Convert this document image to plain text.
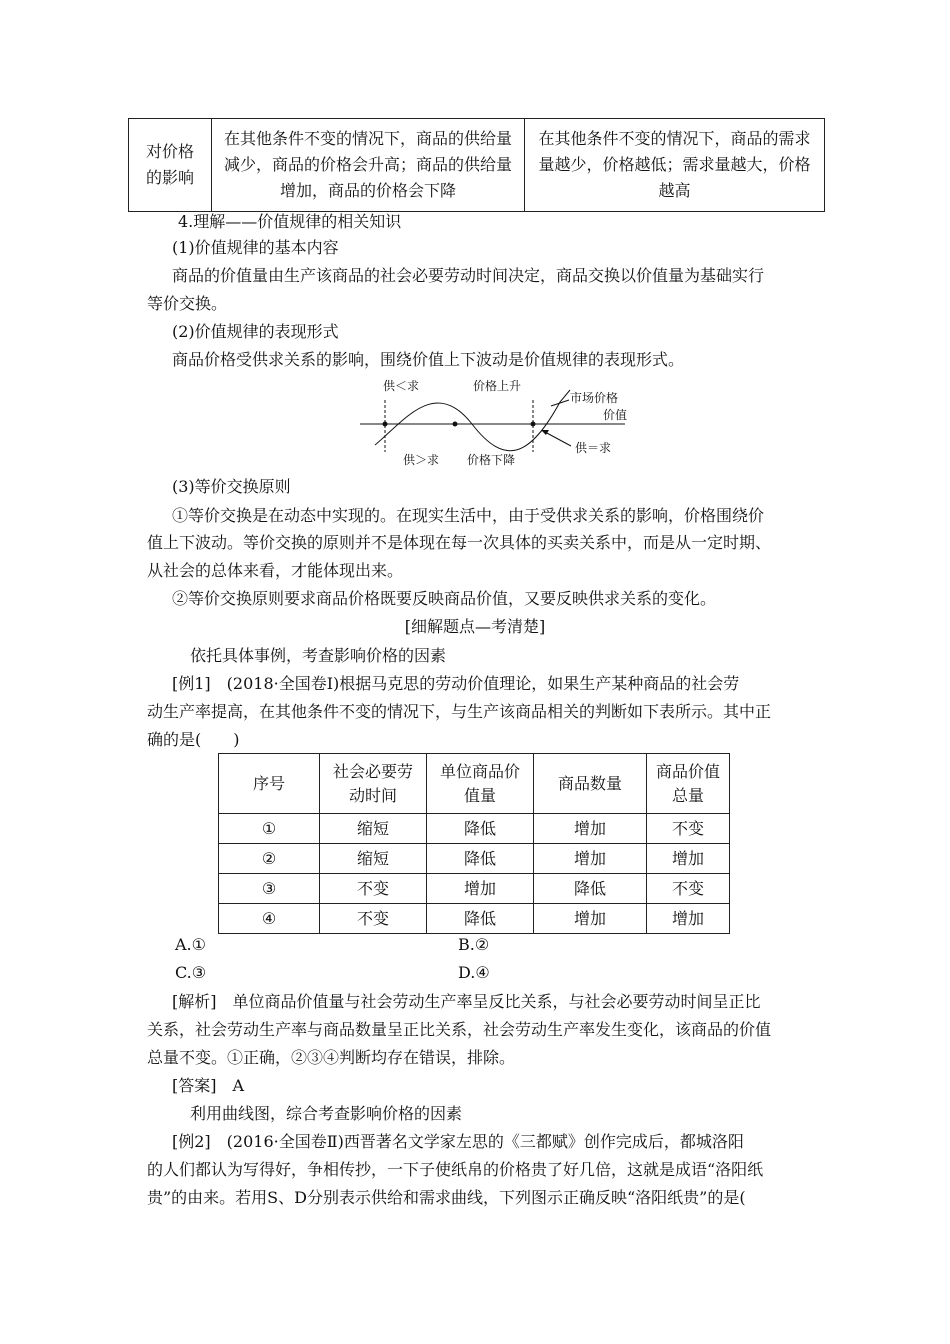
对价格的影响	在其他条件不变的情况下，商品的供给量减少，商品的价格会升高；商品的供给量增加，商品的价格会下降	在其他条件不变的情况下，商品的需求量越少，价格越低；需求量越大，价格越高
4.理解——价值规律的相关知识
(1)价值规律的基本内容
商品的价值量由生产该商品的社会必要劳动时间决定，商品交换以价值量为基础实行
等价交换。
(2)价值规律的表现形式
商品价格受供求关系的影响，围绕价值上下波动是价值规律的表现形式。
供＜求	价格上升
市场价格
价值
供＞求 价格下降
供＝求
(3)等价交换原则
①等价交换是在动态中实现的。在现实生活中，由于受供求关系的影响，价格围绕价
值上下波动。等价交换的原则并不是体现在每一次具体的买卖关系中，而是从一定时期、
从社会的总体来看，才能体现出来。
②等价交换原则要求商品价格既要反映商品价值，又要反映供求关系的变化。
[细解题点—考清楚]
依托具体事例，考查影响价格的因素
[例1]　(2018·全国卷Ⅰ)根据马克思的劳动价值理论，如果生产某种商品的社会劳
动生产率提高，在其他条件不变的情况下，与生产该商品相关的判断如下表所示。其中正
确的是(　　)
序号	社会必要劳动时间	单位商品价值量	商品数量	商品价值总量
①	缩短	降低	增加	不变
②	缩短	降低	增加	增加
③	不变	增加	降低	不变
④	不变	降低	增加	增加
A.①	B.②
C.③	D.④
[解析]　单位商品价值量与社会劳动生产率呈反比关系，与社会必要劳动时间呈正比
关系，社会劳动生产率与商品数量呈正比关系，社会劳动生产率发生变化，该商品的价值
总量不变。①正确，②③④判断均存在错误，排除。
[答案]　A
利用曲线图，综合考查影响价格的因素
[例2]　(2016·全国卷Ⅱ)西晋著名文学家左思的《三都赋》创作完成后，都城洛阳
的人们都认为写得好，争相传抄，一下子使纸帛的价格贵了好几倍，这就是成语“洛阳纸
贵”的由来。若用S、D分别表示供给和需求曲线，下列图示正确反映“洛阳纸贵”的是(
